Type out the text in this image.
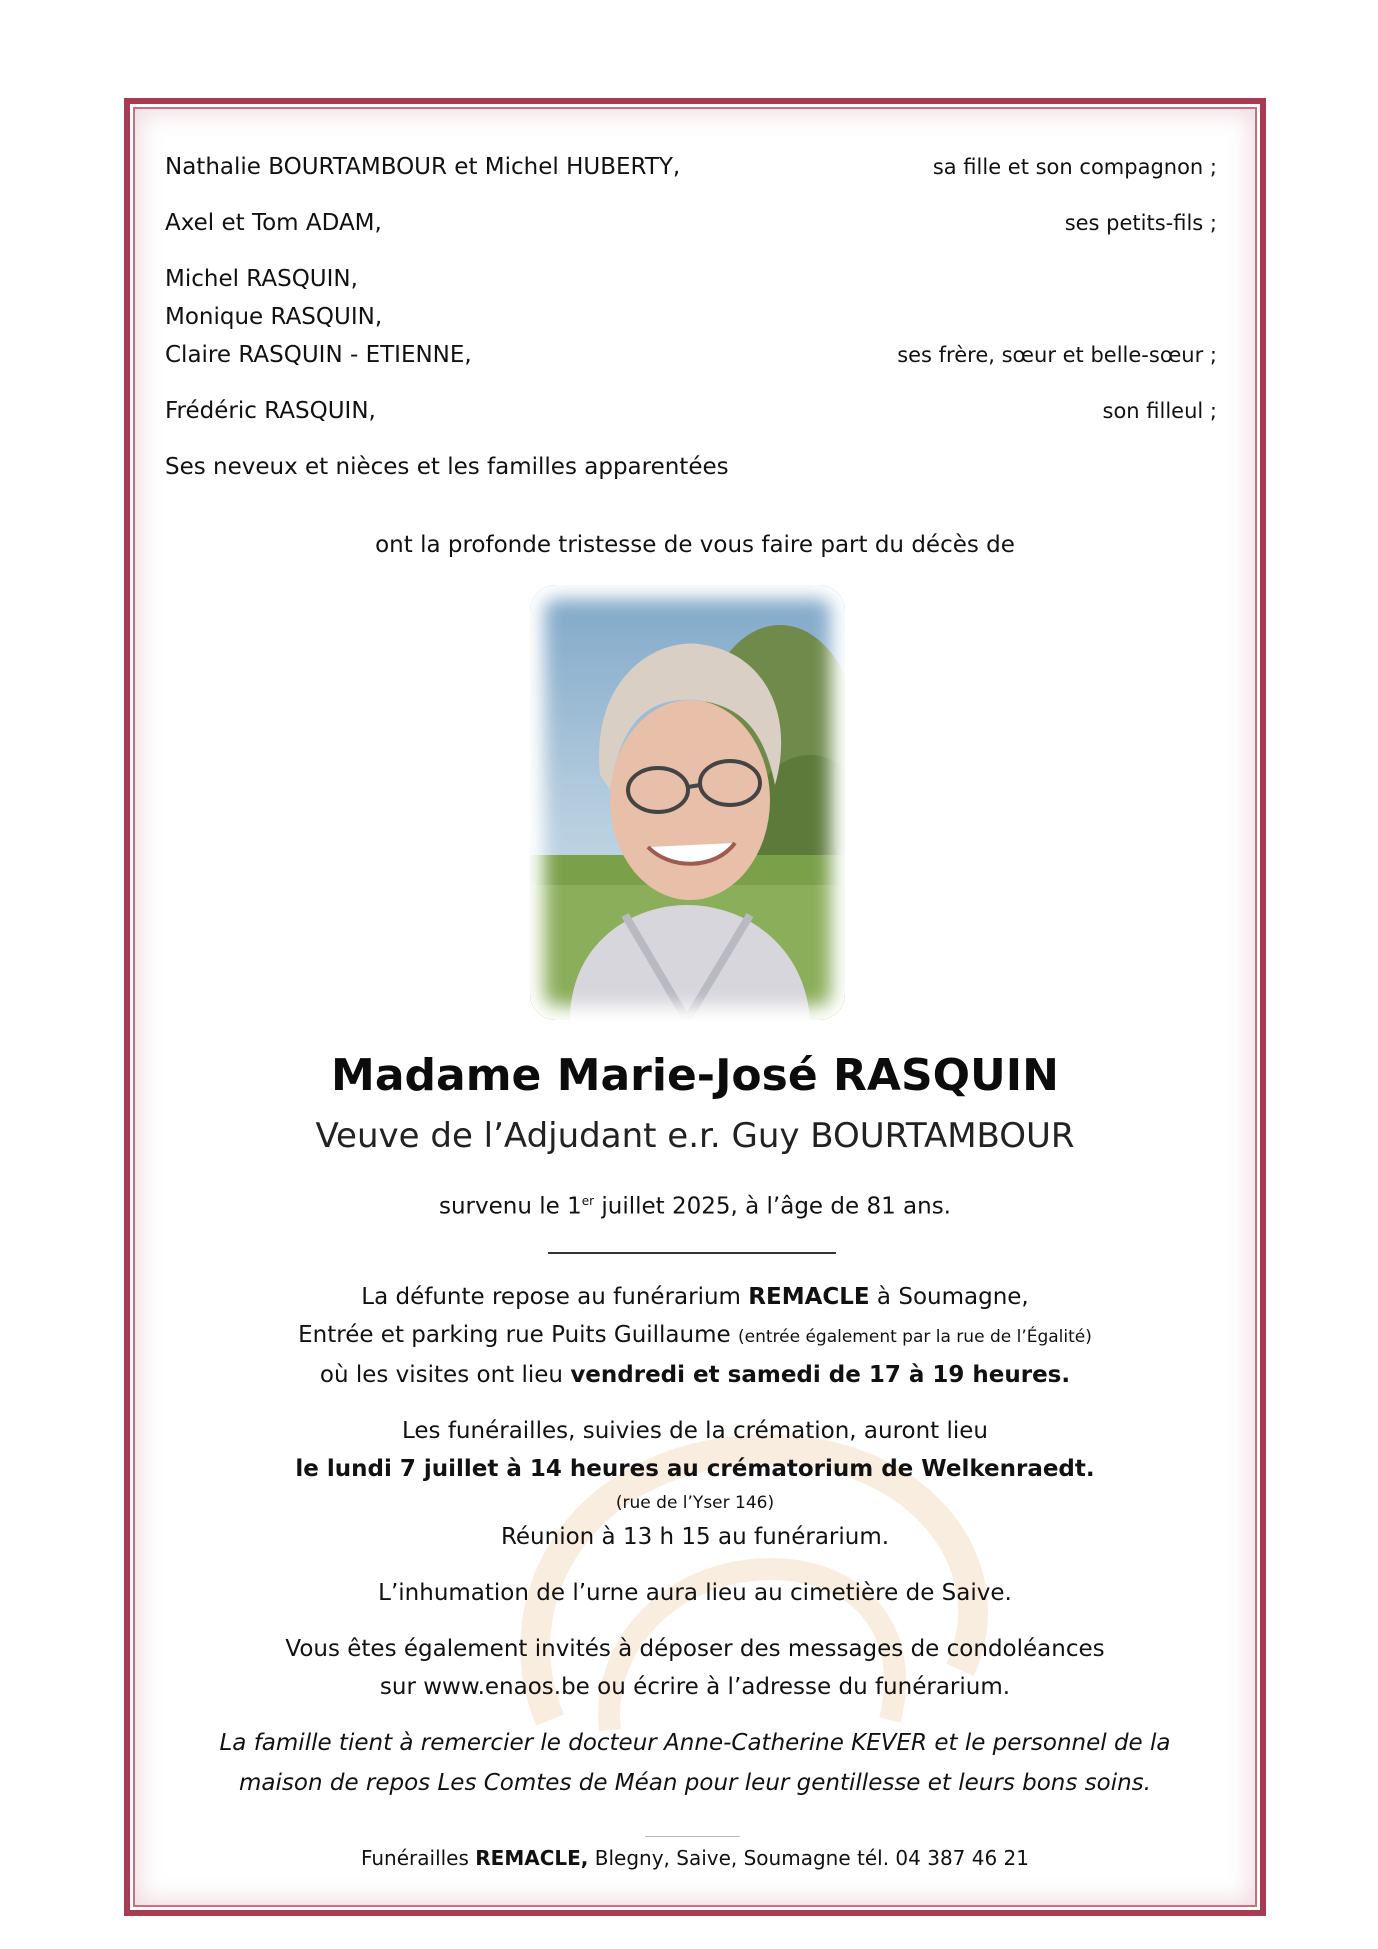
Nathalie BOURTAMBOUR et Michel HUBERTY,	sa fille et son compagnon ;
Axel et Tom ADAM,	ses petits-fils ;
Michel RASQUIN,
Monique RASQUIN,
Claire RASQUIN - ETIENNE,	ses frère, sœur et belle-sœur ;
Frédéric RASQUIN,	son filleul ;
Ses neveux et nièces et les familles apparentées
ont la profonde tristesse de vous faire part du décès de
Madame Marie-José RASQUIN
Veuve de l’Adjudant e.r. Guy BOURTAMBOUR
survenu le 1er juillet 2025, à l’âge de 81 ans.
La défunte repose au funérarium REMACLE à Soumagne,
Entrée et parking rue Puits Guillaume (entrée également par la rue de l’Égalité)
où les visites ont lieu vendredi et samedi de 17 à 19 heures.
Les funérailles, suivies de la crémation, auront lieu
le lundi 7 juillet à 14 heures au crématorium de Welkenraedt.
(rue de l’Yser 146)
Réunion à 13 h 15 au funérarium.
L’inhumation de l’urne aura lieu au cimetière de Saive.
Vous êtes également invités à déposer des messages de condoléances
sur www.enaos.be ou écrire à l’adresse du funérarium.
La famille tient à remercier le docteur Anne-Catherine KEVER et le personnel de la
maison de repos Les Comtes de Méan pour leur gentillesse et leurs bons soins.
Funérailles REMACLE, Blegny, Saive, Soumagne tél. 04 387 46 21
